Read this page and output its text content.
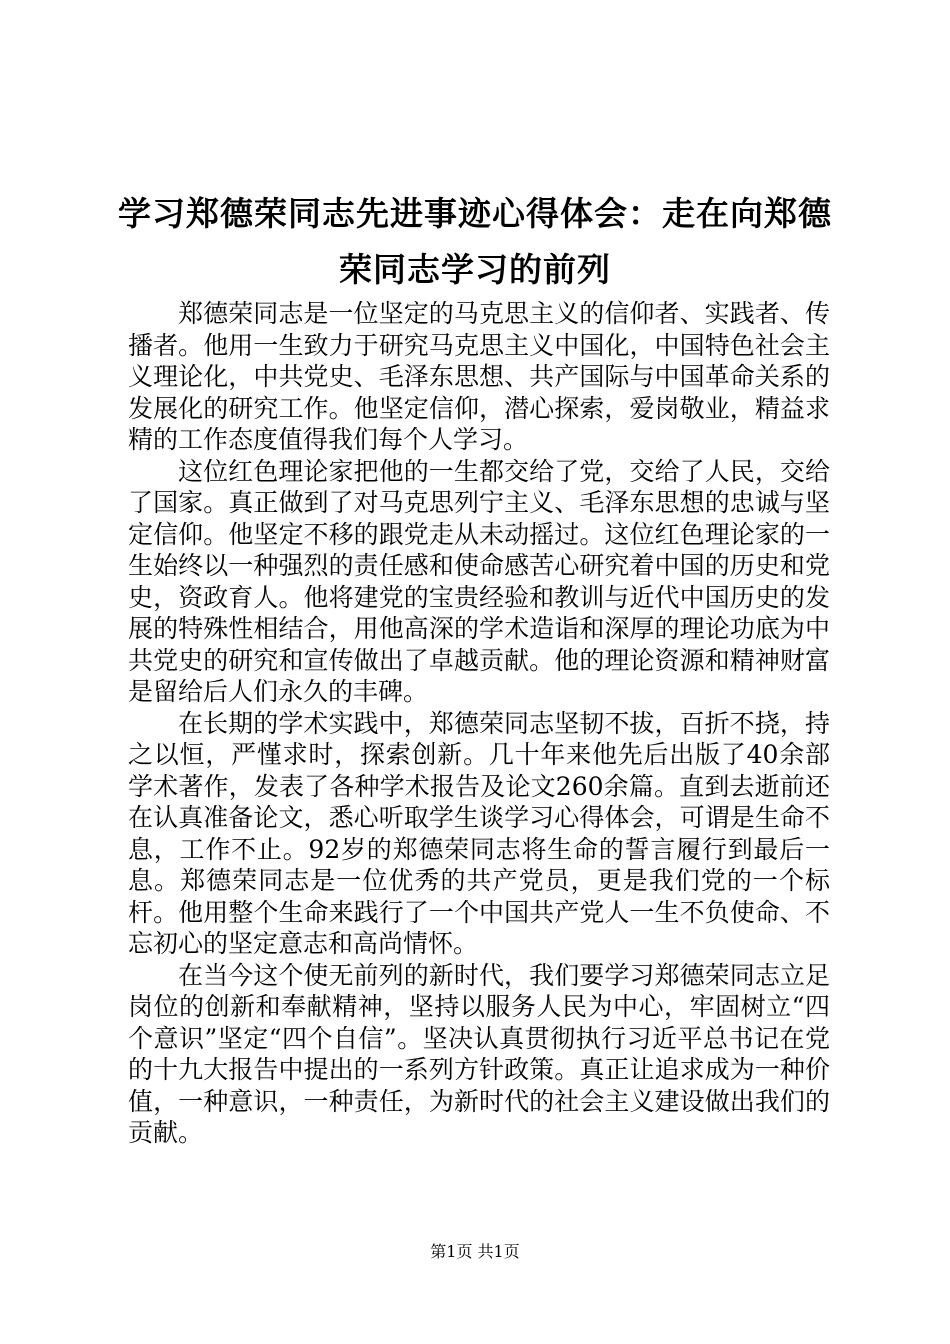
学习郑德荣同志先进事迹心得体会：走在向郑德荣同志学习的前列

郑德荣同志是一位坚定的马克思主义的信仰者、实践者、传播者。他用一生致力于研究马克思主义中国化，中国特色社会主义理论化，中共党史、毛泽东思想、共产国际与中国革命关系的发展化的研究工作。他坚定信仰，潜心探索，爱岗敬业，精益求精的工作态度值得我们每个人学习。

这位红色理论家把他的一生都交给了党，交给了人民，交给了国家。真正做到了对马克思列宁主义、毛泽东思想的忠诚与坚定信仰。他坚定不移的跟党走从未动摇过。这位红色理论家的一生始终以一种强烈的责任感和使命感苦心研究着中国的历史和党史，资政育人。他将建党的宝贵经验和教训与近代中国历史的发展的特殊性相结合，用他高深的学术造诣和深厚的理论功底为中共党史的研究和宣传做出了卓越贡献。他的理论资源和精神财富是留给后人们永久的丰碑。

在长期的学术实践中，郑德荣同志坚韧不拔，百折不挠，持之以恒，严慬求时，探索创新。几十年来他先后出版了40余部学术著作，发表了各种学术报告及论文260余篇。直到去逝前还在认真准备论文，悉心听取学生谈学习心得体会，可谓是生命不息，工作不止。92岁的郑德荣同志将生命的誓言履行到最后一息。郑德荣同志是一位优秀的共产党员，更是我们党的一个标杆。他用整个生命来践行了一个中国共产党人一生不负使命、不忘初心的坚定意志和高尚情怀。

在当今这个使无前列的新时代，我们要学习郑德荣同志立足岗位的创新和奉献精神，坚持以服务人民为中心，牢固树立“四个意识”坚定“四个自信”。坚决认真贯彻执行习近平总书记在党的十九大报告中提出的一系列方针政策。真正让追求成为一种价值，一种意识，一种责任，为新时代的社会主义建设做出我们的贡献。

第1页 共1页
